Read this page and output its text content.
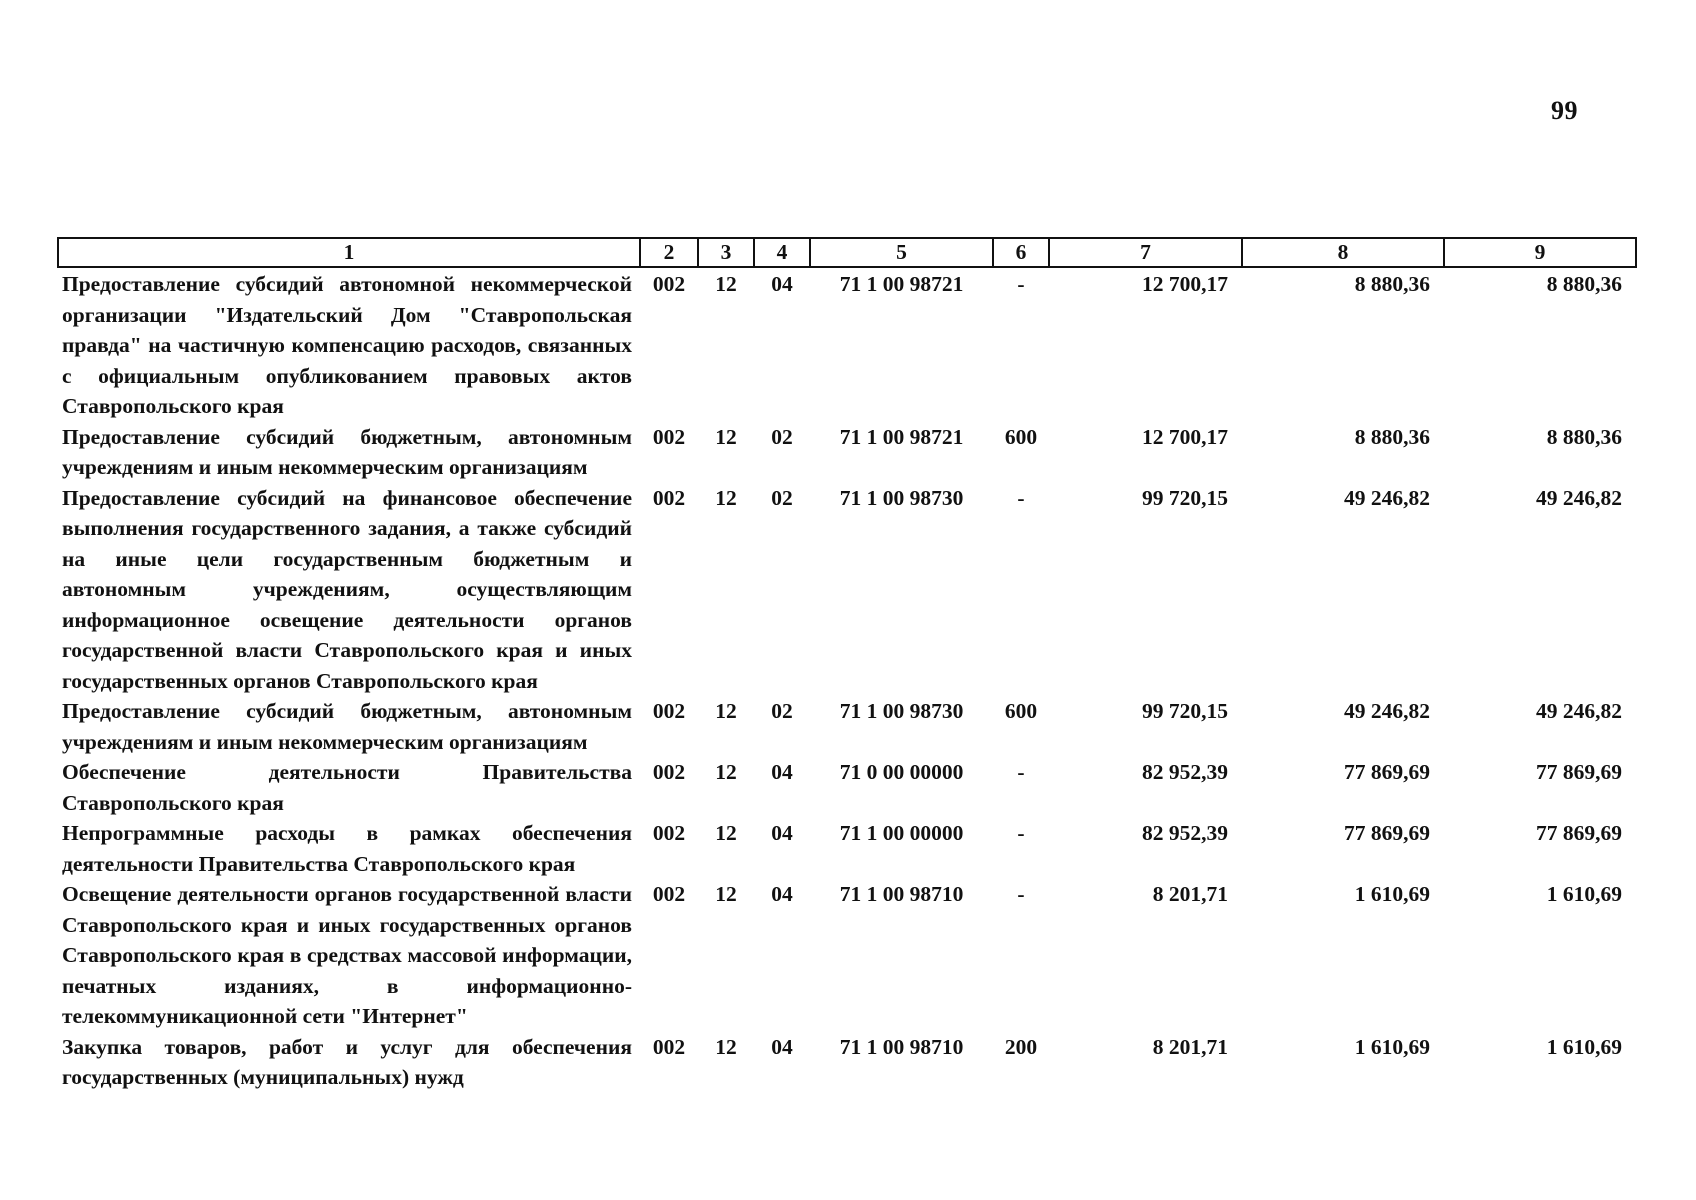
99
1	2	3	4	5	6	7	8	9
Предоставление субсидий автономной некоммерческой организации "Издательский Дом "Ставропольская правда" на частичную компенсацию расходов, связанных с официальным опубликованием правовых актов Ставропольского края	002	12	04	71 1 00 98721	-	12 700,17	8 880,36	8 880,36
Предоставление субсидий бюджетным, автономным учреждениям и иным некоммерческим организациям	002	12	02	71 1 00 98721	600	12 700,17	8 880,36	8 880,36
Предоставление субсидий на финансовое обеспечение выполнения государственного задания, а также субсидий на иные цели государственным бюджетным и автономным учреждениям, осуществляющим информационное освещение деятельности органов государственной власти Ставропольского края и иных государственных органов Ставропольского края	002	12	02	71 1 00 98730	-	99 720,15	49 246,82	49 246,82
Предоставление субсидий бюджетным, автономным учреждениям и иным некоммерческим организациям	002	12	02	71 1 00 98730	600	99 720,15	49 246,82	49 246,82
Обеспечение деятельности Правительства Ставропольского края	002	12	04	71 0 00 00000	-	82 952,39	77 869,69	77 869,69
Непрограммные расходы в рамках обеспечения деятельности Правительства Ставропольского края	002	12	04	71 1 00 00000	-	82 952,39	77 869,69	77 869,69
Освещение деятельности органов государственной власти Ставропольского края и иных государственных органов Ставропольского края в средствах массовой информации, печатных изданиях, в информационно-телекоммуникационной сети "Интернет"	002	12	04	71 1 00 98710	-	8 201,71	1 610,69	1 610,69
Закупка товаров, работ и услуг для обеспечения государственных (муниципальных) нужд	002	12	04	71 1 00 98710	200	8 201,71	1 610,69	1 610,69
